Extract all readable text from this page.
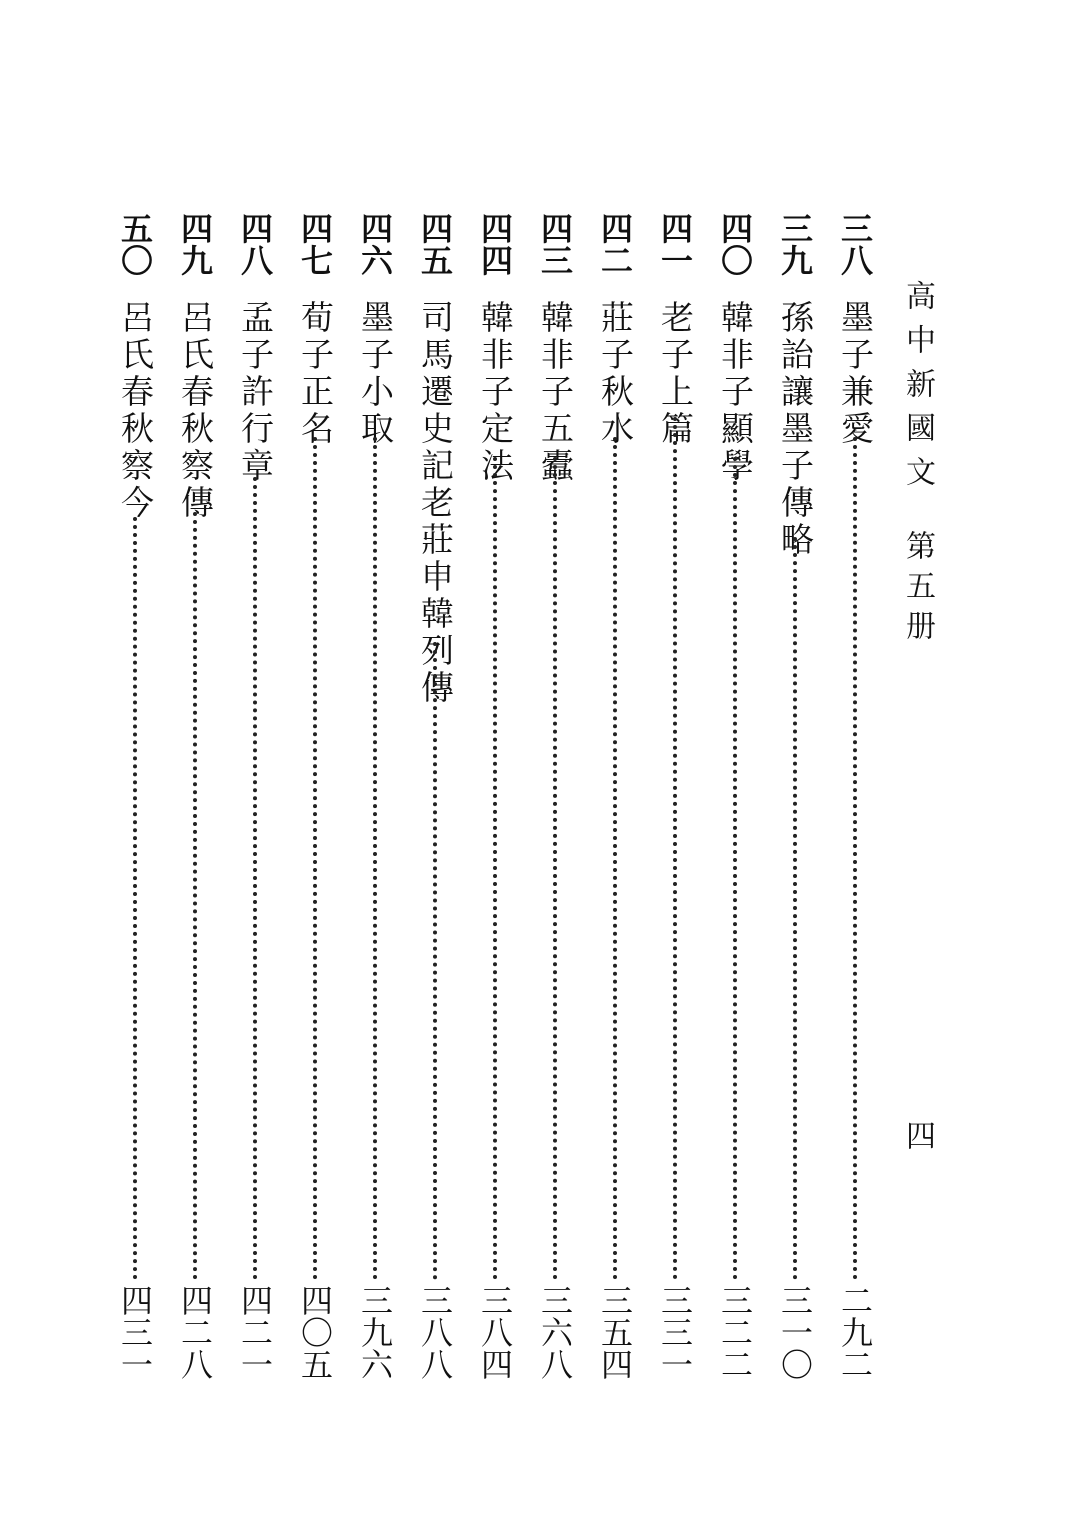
高中新國文
第五册
四
三八
墨子兼愛
二九二
三九
孫詒讓墨子傳略
三一〇
四〇
韓非子顯學
三二二
四一
老子上篇
三三一
四二
莊子秋水
三五四
四三
韓非子五蠹
三六八
四四
韓非子定法
三八四
四五
司馬遷史記老莊申韓列傳
三八八
四六
墨子小取
三九六
四七
荀子正名
四〇五
四八
孟子許行章
四二一
四九
呂氏春秋察傳
四二八
五〇
呂氏春秋察今
四三一
